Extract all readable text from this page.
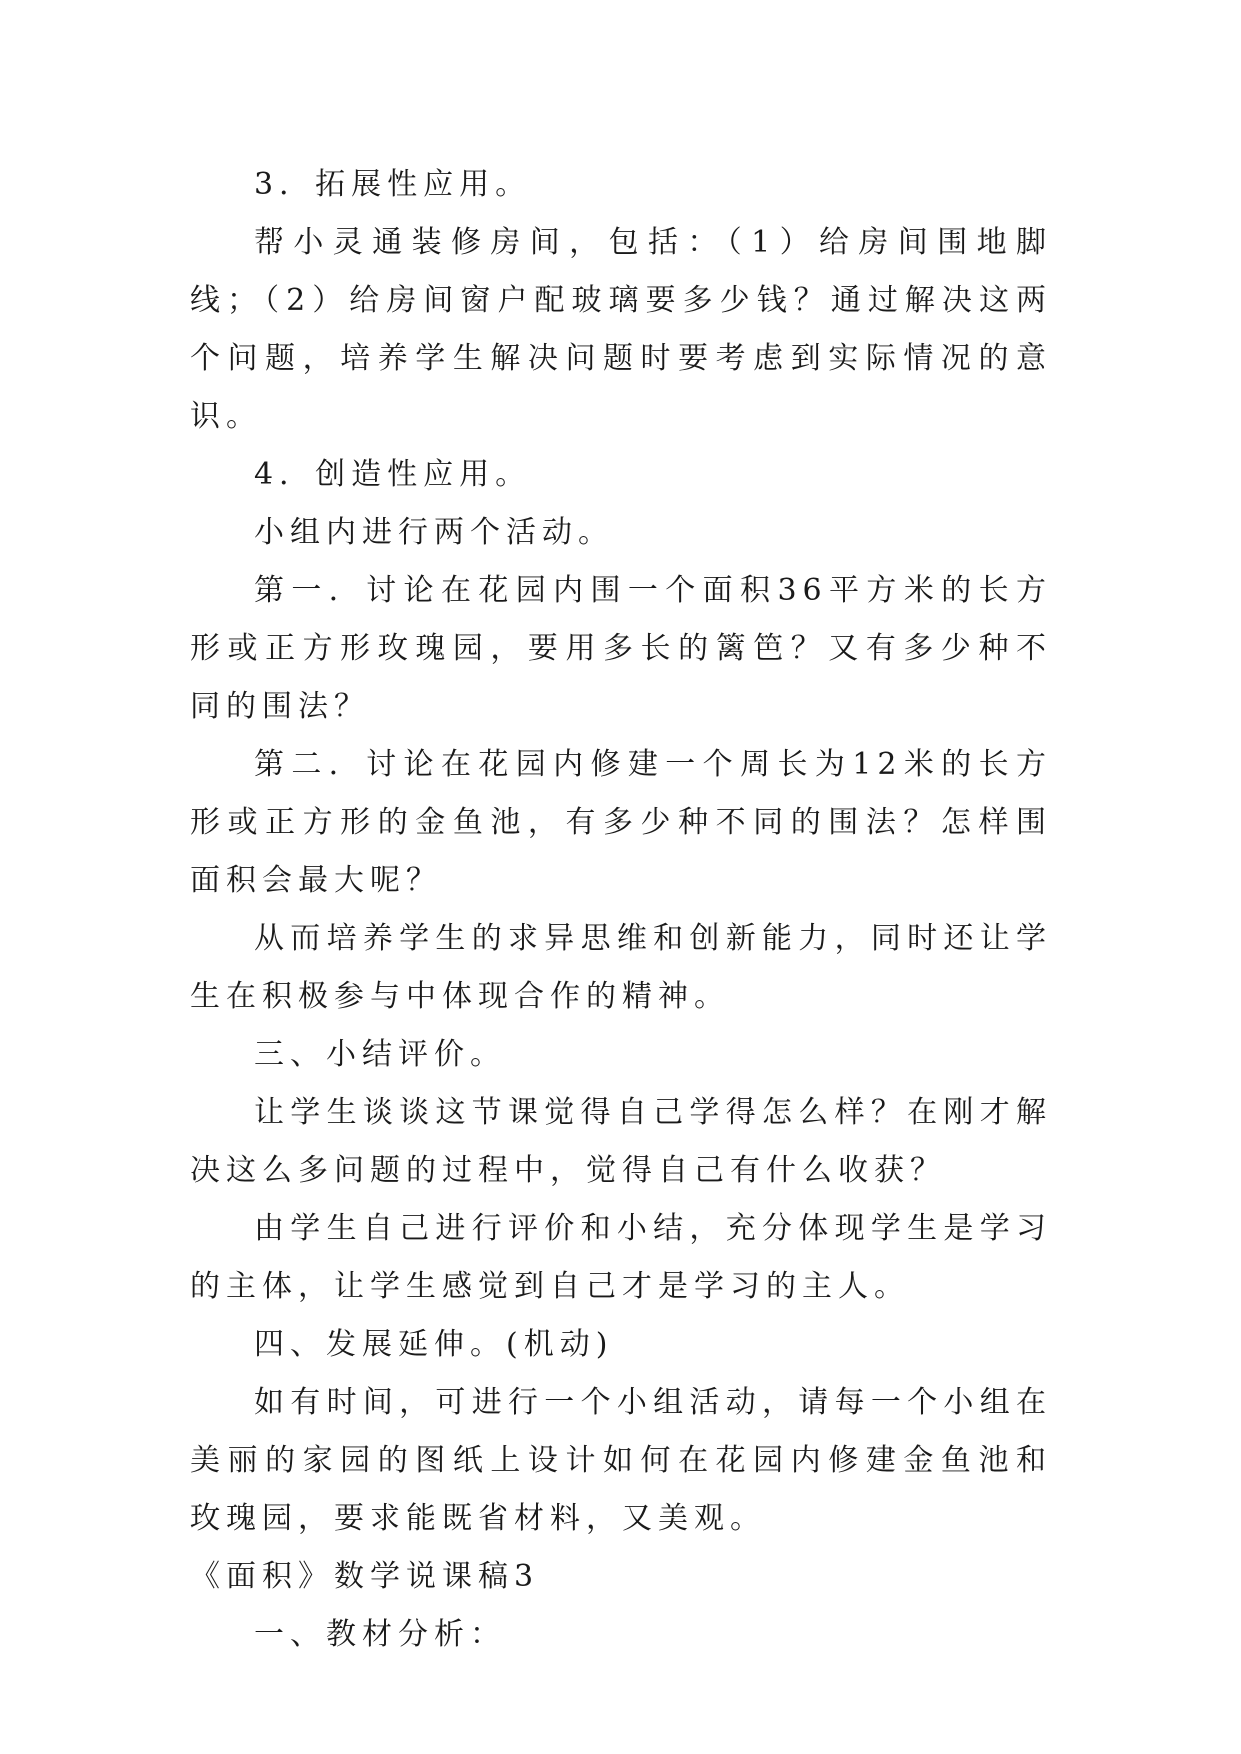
3．拓展性应用。

帮小灵通装修房间，包括：（1）给房间围地脚线；（2）给房间窗户配玻璃要多少钱？通过解决这两个问题，培养学生解决问题时要考虑到实际情况的意识。

4．创造性应用。

小组内进行两个活动。

第一．讨论在花园内围一个面积36平方米的长方形或正方形玫瑰园，要用多长的篱笆？又有多少种不同的围法？

第二．讨论在花园内修建一个周长为12米的长方形或正方形的金鱼池，有多少种不同的围法？怎样围面积会最大呢？

从而培养学生的求异思维和创新能力，同时还让学生在积极参与中体现合作的精神。

三、小结评价。

让学生谈谈这节课觉得自己学得怎么样？在刚才解决这么多问题的过程中，觉得自己有什么收获？

由学生自己进行评价和小结，充分体现学生是学习的主体，让学生感觉到自己才是学习的主人。

四、发展延伸。(机动)

如有时间，可进行一个小组活动，请每一个小组在美丽的家园的图纸上设计如何在花园内修建金鱼池和玫瑰园，要求能既省材料，又美观。

《面积》数学说课稿3

一、教材分析：
